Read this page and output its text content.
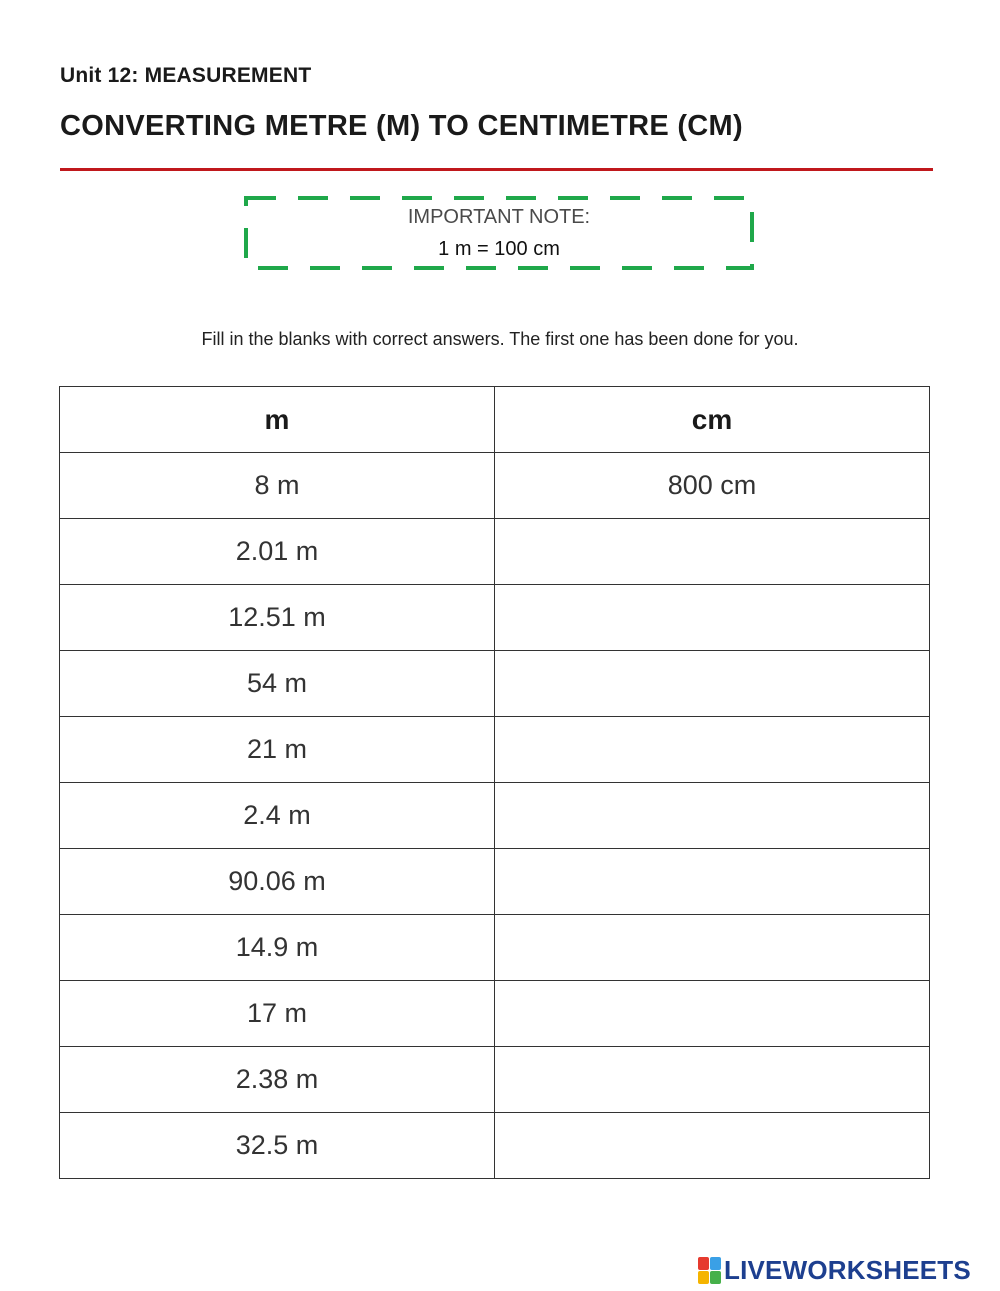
Unit 12: MEASUREMENT
CONVERTING METRE (M) TO CENTIMETRE (CM)
IMPORTANT NOTE:
1 m = 100 cm
Fill in the blanks with correct answers. The first one has been done for you.
m	cm
8 m	800 cm
2.01 m	
12.51 m	
54 m	
21 m	
2.4 m	
90.06 m	
14.9 m	
17 m	
2.38 m	
32.5 m	
LIVEWORKSHEETS
